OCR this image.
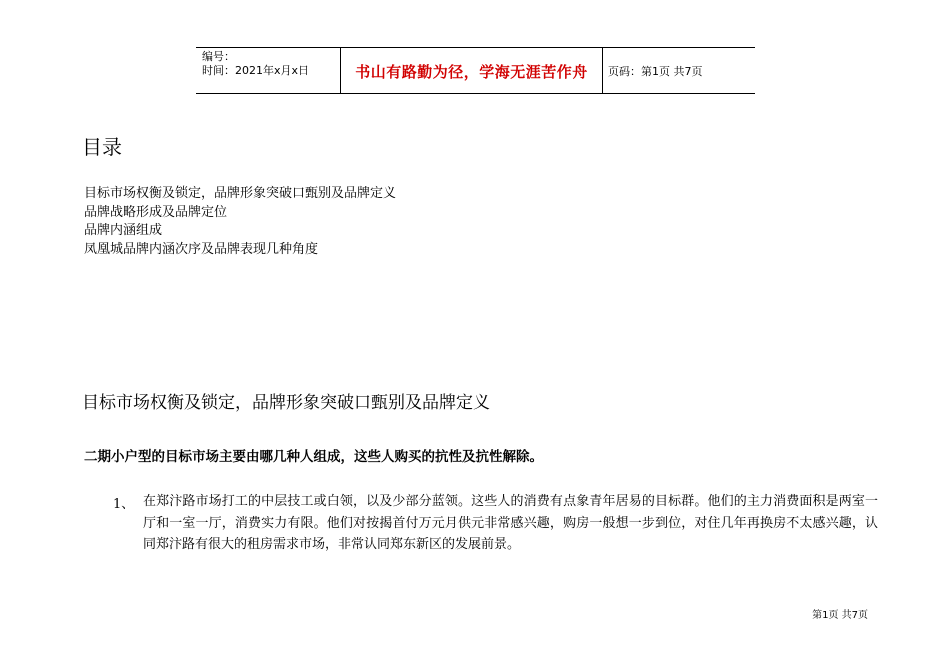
编号：
时间：2021年x月x日	书山有路勤为径，学海无涯苦作舟	页码：第1页 共7页
目录
目标市场权衡及锁定，品牌形象突破口甄别及品牌定义
品牌战略形成及品牌定位
品牌内涵组成
凤凰城品牌内涵次序及品牌表现几种角度
目标市场权衡及锁定，品牌形象突破口甄别及品牌定义
二期小户型的目标市场主要由哪几种人组成，这些人购买的抗性及抗性解除。
1、 在郑汴路市场打工的中层技工或白领，以及少部分蓝领。这些人的消费有点象青年居易的目标群。他们的主力消费面积是两室一厅和一室一厅，消费实力有限。他们对按揭首付万元月供元非常感兴趣，购房一般想一步到位，对住几年再换房不太感兴趣，认同郑汴路有很大的租房需求市场，非常认同郑东新区的发展前景。
第1页 共7页
